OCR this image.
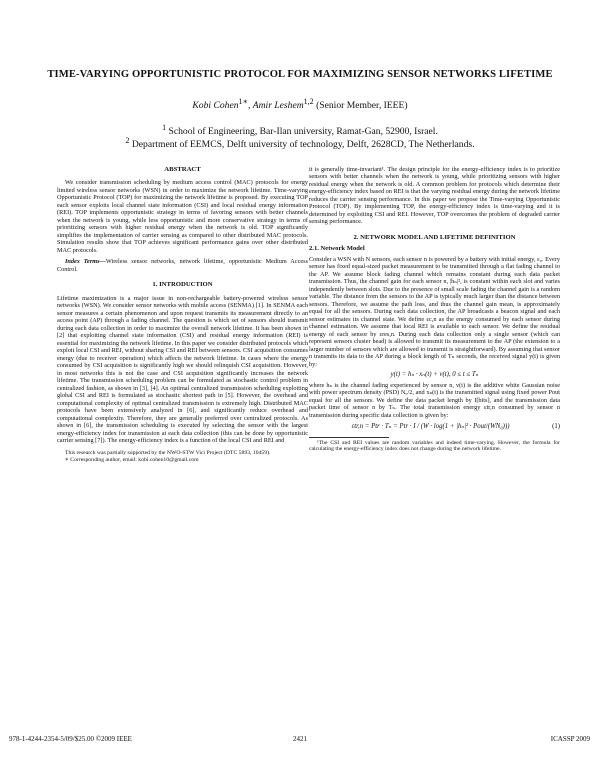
TIME-VARYING OPPORTUNISTIC PROTOCOL FOR MAXIMIZING SENSOR NETWORKS LIFETIME
Kobi Cohen$^{1∗}$, Amir Leshem$^{1,2}$ (Senior Member, IEEE)
$^1$ School of Engineering, Bar-Ilan university, Ramat-Gan, 52900, Israel.
$^2$ Department of EEMCS, Delft university of technology, Delft, 2628CD, The Netherlands.
ABSTRACT

We consider transmission scheduling by medium access control (MAC) protocols for energy limited wireless sensor networks (WSN) in order to maximize the network lifetime. Time-varying Opportunistic Protocol (TOP) for maximizing the network lifetime is proposed. By executing TOP each sensor exploits local channel state information (CSI) and local residual energy information (REI). TOP implements opportunistic strategy in terms of favoring sensors with better channels when the network is young, while less opportunistic and more conservative strategy in terms of prioritizing sensors with higher residual energy when the network is old. TOP significantly simplifies the implementation of carrier sensing as compared to other distributed MAC protocols. Simulation results show that TOP achieves significant performance gains over other distributed MAC protocols.

Index Terms—Wireless sensor networks, network lifetime, opportunistic Medium Access Control.

1. INTRODUCTION

Lifetime maximization is a major issue in non-rechargeable battery-powered wireless sensor networks (WSN). We consider sensor networks with mobile access (SENMA) [1]. In SENMA each sensor measures a certain phenomenon and upon request transmits its measurement directly to an access point (AP) through a fading channel. The question is which set of sensors should transmit during each data collection in order to maximize the overall network lifetime. It has been shown in [2] that exploiting channel state information (CSI) and residual energy information (REI) is essential for maximizing the network lifetime. In this paper we consider distributed protocols which exploit local CSI and REI, without sharing CSI and REI between sensors. CSI acquisition consumes energy (due to receiver operation) which affects the network lifetime. In cases where the energy consumed by CSI acquisition is significantly high we should relinquish CSI acquisition. However, in most networks this is not the case and CSI acquisition significantly increases the network lifetime. The transmission scheduling problem can be formulated as stochastic control problem in centralized fashion, as shown in [3], [4]. An optimal centralized transmission scheduling exploiting global CSI and REI is formulated as stochastic shortest path in [5]. However, the overhead and computational complexity of optimal centralized transmission is extremely high. Distributed MAC protocols have been extensively analyzed in [6], and significantly reduce overhead and computational complexity. Therefore, they are generally preferred over centralized protocols. As shown in [6], the transmission scheduling is executed by selecting the sensor with the largest energy-efficiency index for transmission at each data collection (this can be done by opportunistic carrier sensing [7]). The energy-efficiency index is a function of the local CSI and REI and

This research was partially supported by the NWO-STW Vici Project (DTC 5893, 10459).

∗ Corresponding author, email: kobi.cohen10@gmail.com

it is generally time-invariant¹. The design principle for the energy-efficiency index is to prioritize sensors with better channels when the network is young, while prioritizing sensors with higher residual energy when the network is old. A common problem for protocols which determine their energy-efficiency index based on REI is that the varying residual energy during the network lifetime reduces the carrier sensing performance. In this paper we propose the Time-varying Opportunistic Protocol (TOP). By implementing TOP, the energy-efficiency index is time-varying and it is determined by exploiting CSI and REI. However, TOP overcomes the problem of degraded carrier sensing performance.

2. NETWORK MODEL AND LIFETIME DEFINITION
2.1. Network Model

Consider a WSN with N sensors, each sensor n is powered by a battery with initial energy, ε₀. Every sensor has fixed equal-sized packet measurement to be transmitted through a flat fading channel to the AP. We assume block fading channel which remains constant during each data packet transmission. Thus, the channel gain for each sensor n, |hₙ|², is constant within each slot and varies independently between slots. Due to the presence of small scale fading the channel gain is a random variable. The distance from the sensors to the AP is typically much larger than the distance between sensors. Therefore, we assume the path loss, and thus the channel gain mean, is approximately equal for all the sensors. During each data collection, the AP broadcasts a beacon signal and each sensor estimates its channel state. We define εc,n as the energy consumed by each sensor during channel estimation. We assume that local REI is available to each sensor. We define the residual energy of each sensor by εres,n. During each data collection only a single sensor (which can represent sensors cluster head) is allowed to transmit its measurement to the AP (the extension to a larger number of sensors which are allowed to transmit is straightforward). By assuming that sensor n transmits its data to the AP during a block length of Tₙ seconds, the received signal y(t) is given by:

y(t) = hₙ · xₙ(t) + v(t), 0 ≤ t ≤ Tₙ

where hₙ is the channel fading experienced by sensor n, v(t) is the additive white Gaussian noise with power spectrum density (PSD) N₀/2, and xₙ(t) is the transmitted signal using fixed power Pout equal for all the sensors. We define the data packet length by I[bits], and the transmission data packet time of sensor n by Tₙ. The total transmission energy εtr,n consumed by sensor n transmission during specific data collection is given by:

εtr,n = Ptr · Tₙ = Ptr · I / (W · log(1 + |hₙ|² · Pout/(WN₀)))	(1)

¹The CSI and REI values are random variables and indeed time-varying. However, the formula for calculating the energy-efficiency index does not change during the network lifetime.

978-1-4244-2354-5/09/$25.00 ©2009 IEEE	2421	ICASSP 2009
